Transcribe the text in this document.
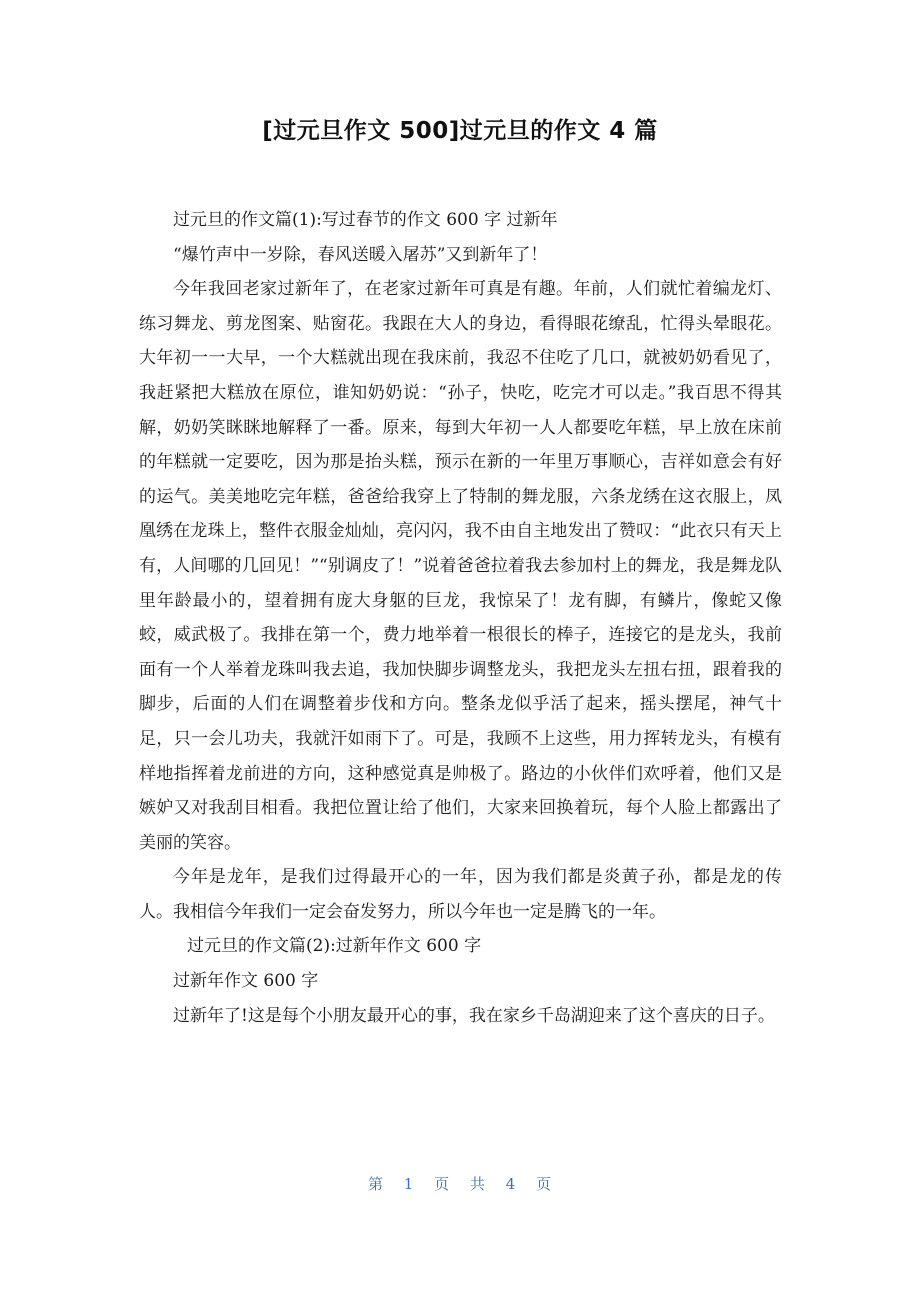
[过元旦作文 500]过元旦的作文 4 篇

过元旦的作文篇(1):写过春节的作文 600 字 过新年

“爆竹声中一岁除，春风送暖入屠苏”又到新年了！

今年我回老家过新年了，在老家过新年可真是有趣。年前，人们就忙着编龙灯、练习舞龙、剪龙图案、贴窗花。我跟在大人的身边，看得眼花缭乱，忙得头晕眼花。大年初一一大早，一个大糕就出现在我床前，我忍不住吃了几口，就被奶奶看见了，我赶紧把大糕放在原位，谁知奶奶说：“孙子，快吃，吃完才可以走。”我百思不得其解，奶奶笑眯眯地解释了一番。原来，每到大年初一人人都要吃年糕，早上放在床前的年糕就一定要吃，因为那是抬头糕，预示在新的一年里万事顺心，吉祥如意会有好的运气。美美地吃完年糕，爸爸给我穿上了特制的舞龙服，六条龙绣在这衣服上，凤凰绣在龙珠上，整件衣服金灿灿，亮闪闪，我不由自主地发出了赞叹：“此衣只有天上有，人间哪的几回见！”“别调皮了！”说着爸爸拉着我去参加村上的舞龙，我是舞龙队里年龄最小的，望着拥有庞大身躯的巨龙，我惊呆了！龙有脚，有鳞片，像蛇又像蛟，威武极了。我排在第一个，费力地举着一根很长的棒子，连接它的是龙头，我前面有一个人举着龙珠叫我去追，我加快脚步调整龙头，我把龙头左扭右扭，跟着我的脚步，后面的人们在调整着步伐和方向。整条龙似乎活了起来，摇头摆尾，神气十足，只一会儿功夫，我就汗如雨下了。可是，我顾不上这些，用力挥转龙头，有模有样地指挥着龙前进的方向，这种感觉真是帅极了。路边的小伙伴们欢呼着，他们又是嫉妒又对我刮目相看。我把位置让给了他们，大家来回换着玩，每个人脸上都露出了美丽的笑容。

今年是龙年，是我们过得最开心的一年，因为我们都是炎黄子孙，都是龙的传人。我相信今年我们一定会奋发努力，所以今年也一定是腾飞的一年。

过元旦的作文篇(2):过新年作文 600 字

过新年作文 600 字

过新年了!这是每个小朋友最开心的事，我在家乡千岛湖迎来了这个喜庆的日子。

第 1 页 共 4 页
